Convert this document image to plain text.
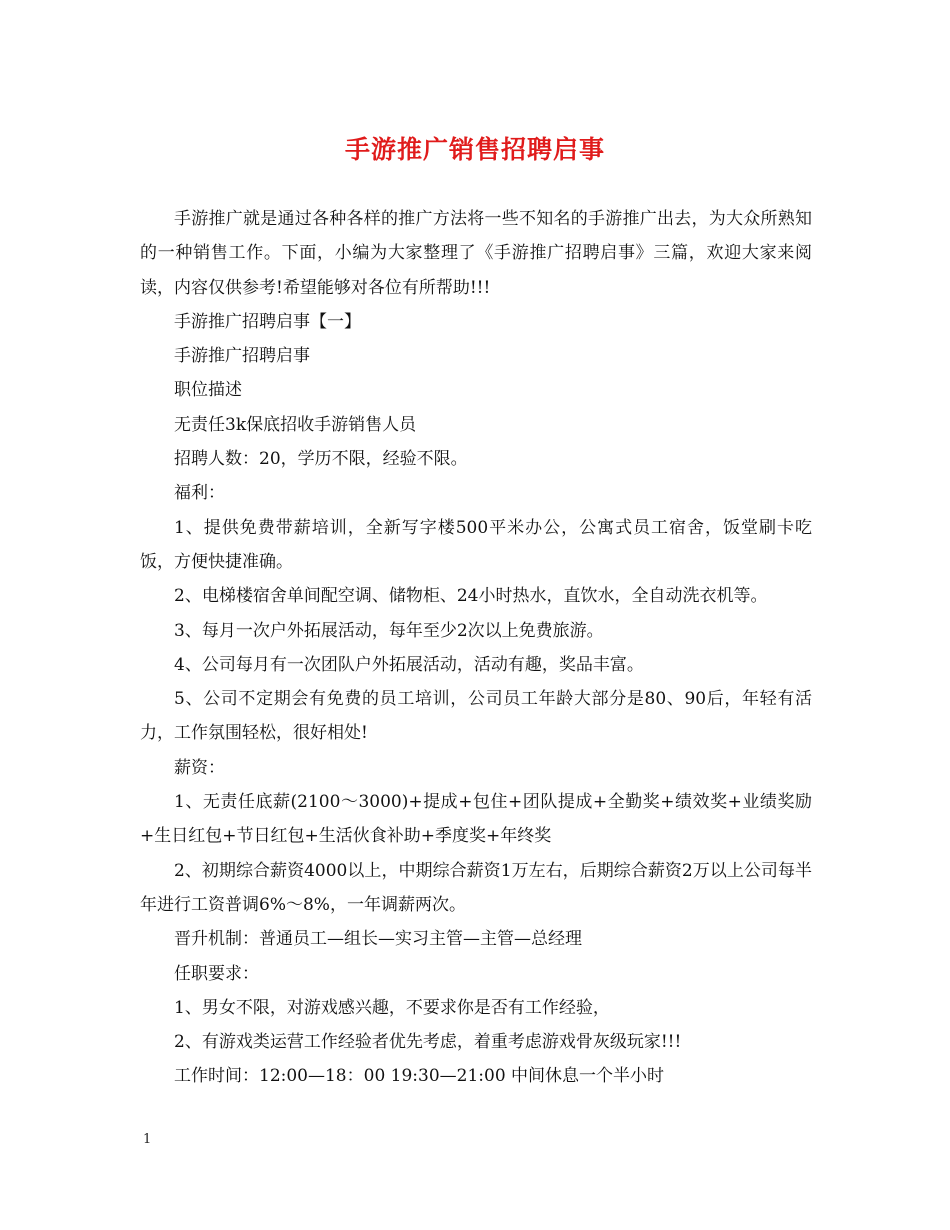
手游推广销售招聘启事

手游推广就是通过各种各样的推广方法将一些不知名的手游推广出去，为大众所熟知的一种销售工作。下面，小编为大家整理了《手游推广招聘启事》三篇，欢迎大家来阅读，内容仅供参考!希望能够对各位有所帮助!!!

手游推广招聘启事【一】

手游推广招聘启事

职位描述

无责任3k保底招收手游销售人员

招聘人数：20，学历不限，经验不限。

福利：

1、提供免费带薪培训，全新写字楼500平米办公，公寓式员工宿舍，饭堂刷卡吃饭，方便快捷准确。

2、电梯楼宿舍单间配空调、储物柜、24小时热水，直饮水，全自动洗衣机等。

3、每月一次户外拓展活动，每年至少2次以上免费旅游。

4、公司每月有一次团队户外拓展活动，活动有趣，奖品丰富。

5、公司不定期会有免费的员工培训，公司员工年龄大部分是80、90后，年轻有活力，工作氛围轻松，很好相处!

薪资：

1、无责任底薪(2100～3000)+提成+包住+团队提成+全勤奖+绩效奖+业绩奖励+生日红包+节日红包+生活伙食补助+季度奖+年终奖

2、初期综合薪资4000以上，中期综合薪资1万左右，后期综合薪资2万以上公司每半年进行工资普调6%～8%，一年调薪两次。

晋升机制：普通员工—组长—实习主管—主管—总经理

任职要求：

1、男女不限，对游戏感兴趣，不要求你是否有工作经验，

2、有游戏类运营工作经验者优先考虑，着重考虑游戏骨灰级玩家!!!

工作时间：12:00—18：00 19:30—21:00 中间休息一个半小时

1
